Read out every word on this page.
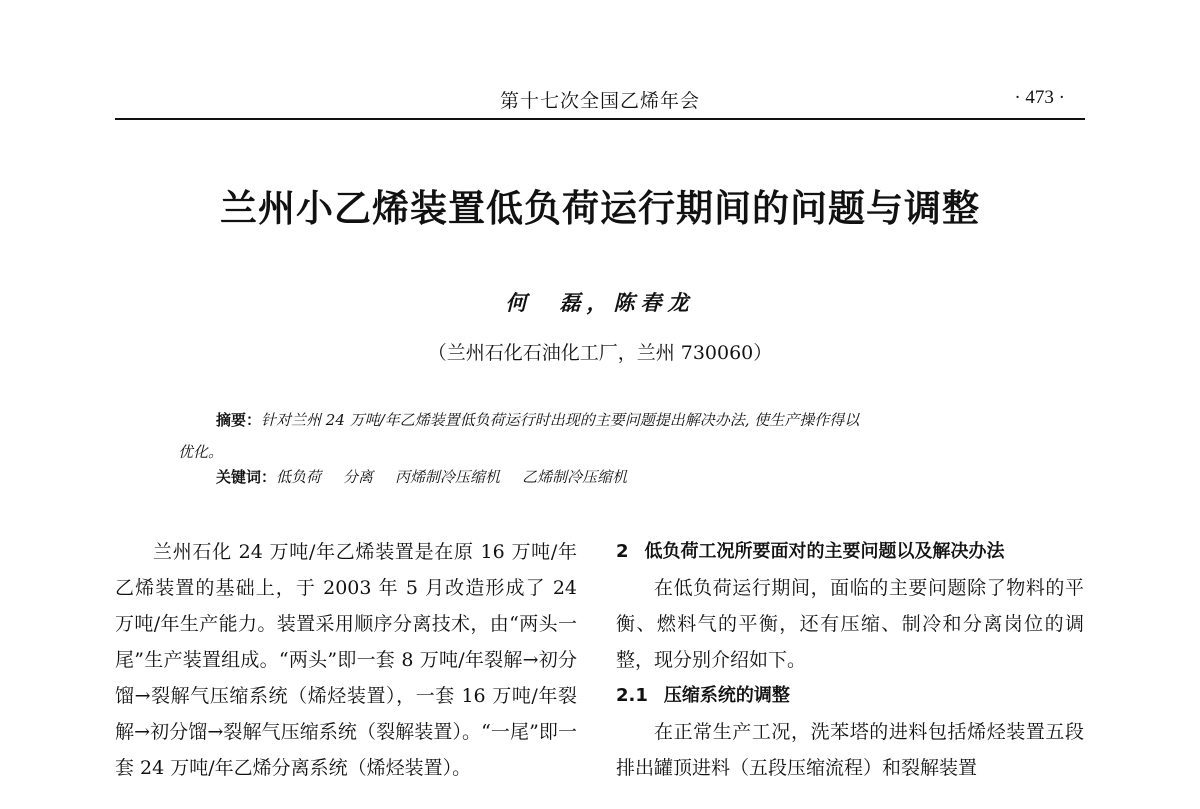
第十七次全国乙烯年会	· 473 ·
兰州小乙烯装置低负荷运行期间的问题与调整
何　磊，陈春龙
（兰州石化石油化工厂，兰州 730060）
摘要：针对兰州 24 万吨/年乙烯装置低负荷运行时出现的主要问题提出解决办法, 使生产操作得以
优化。
关键词：低负荷 分离 丙烯制冷压缩机 乙烯制冷压缩机

兰州石化 24 万吨/年乙烯装置是在原 16 万吨/年乙烯装置的基础上，于 2003 年 5 月改造形成了 24 万吨/年生产能力。装置采用顺序分离技术，由“两头一尾”生产装置组成。“两头”即一套 8 万吨/年裂解→初分馏→裂解气压缩系统（烯烃装置），一套 16 万吨/年裂解→初分馏→裂解气压缩系统（裂解装置）。“一尾”即一套 24 万吨/年乙烯分离系统（烯烃装置）。

2 低负荷工况所要面对的主要问题以及解决办法

在低负荷运行期间，面临的主要问题除了物料的平衡、燃料气的平衡，还有压缩、制冷和分离岗位的调整，现分别介绍如下。

2.1 压缩系统的调整

在正常生产工况，洗苯塔的进料包括烯烃装置五段排出罐顶进料（五段压缩流程）和裂解装置
